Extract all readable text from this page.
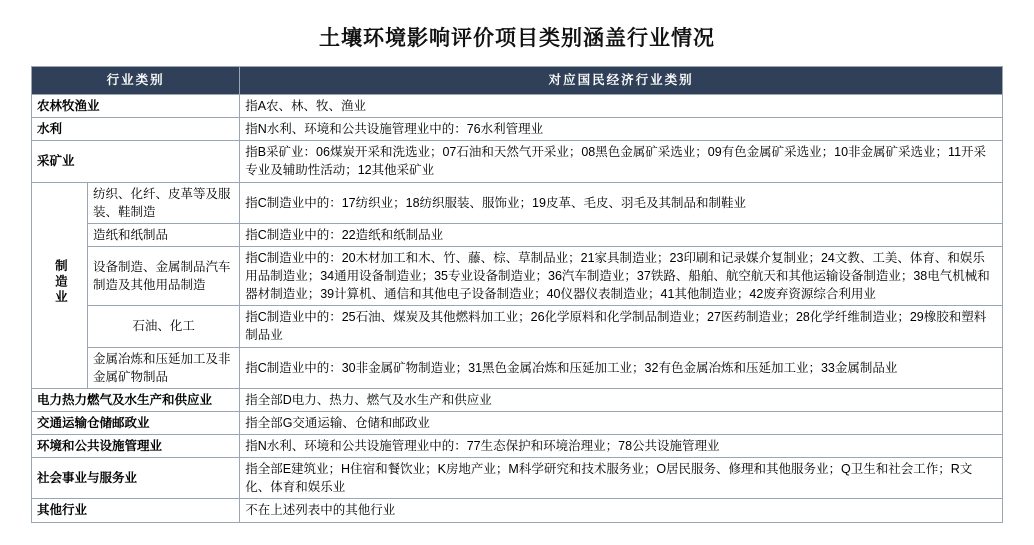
土壤环境影响评价项目类别涵盖行业情况
行业类别		对应国民经济行业类别
农林牧渔业		指A农、林、牧、渔业
水利		指N水利、环境和公共设施管理业中的：76水利管理业
采矿业		指B采矿业：06煤炭开采和洗选业；07石油和天然气开采业；08黑色金属矿采选业；09有色金属矿采选业；10非金属矿采选业；11开采专业及辅助性活动；12其他采矿业
制造业	纺织、化纤、皮革等及服装、鞋制造	指C制造业中的：17纺织业；18纺织服装、服饰业；19皮革、毛皮、羽毛及其制品和制鞋业
	造纸和纸制品	指C制造业中的：22造纸和纸制品业
	设备制造、金属制品汽车制造及其他用品制造	指C制造业中的：20木材加工和木、竹、藤、棕、草制品业；21家具制造业；23印刷和记录媒介复制业；24文教、工美、体育、和娱乐用品制造业；34通用设备制造业；35专业设备制造业；36汽车制造业；37铁路、船舶、航空航天和其他运输设备制造业；38电气机械和器材制造业；39计算机、通信和其他电子设备制造业；40仪器仪表制造业；41其他制造业；42废弃资源综合利用业
	石油、化工	指C制造业中的：25石油、煤炭及其他燃料加工业；26化学原料和化学制品制造业；27医药制造业；28化学纤维制造业；29橡胶和塑料制品业
	金属冶炼和压延加工及非金属矿物制品	指C制造业中的：30非金属矿物制造业；31黑色金属冶炼和压延加工业；32有色金属冶炼和压延加工业；33金属制品业
电力热力燃气及水生产和供应业		指全部D电力、热力、燃气及水生产和供应业
交通运输仓储邮政业		指全部G交通运输、仓储和邮政业
环境和公共设施管理业		指N水利、环境和公共设施管理业中的：77生态保护和环境治理业；78公共设施管理业
社会事业与服务业		指全部E建筑业；H住宿和餐饮业；K房地产业；M科学研究和技术服务业；O居民服务、修理和其他服务业；Q卫生和社会工作；R文化、体育和娱乐业
其他行业		不在上述列表中的其他行业
